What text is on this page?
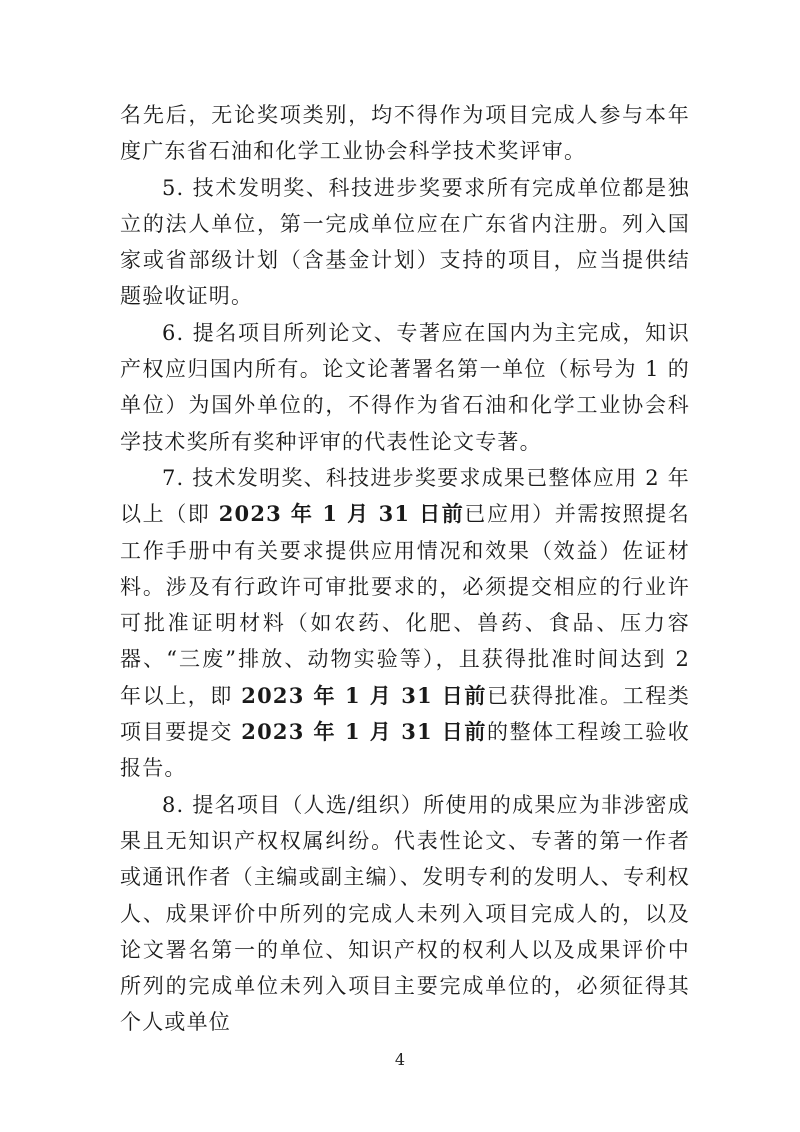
名先后，无论奖项类别，均不得作为项目完成人参与本年度广东省石油和化学工业协会科学技术奖评审。

5. 技术发明奖、科技进步奖要求所有完成单位都是独立的法人单位，第一完成单位应在广东省内注册。列入国家或省部级计划（含基金计划）支持的项目，应当提供结题验收证明。

6. 提名项目所列论文、专著应在国内为主完成，知识产权应归国内所有。论文论著署名第一单位（标号为 1 的单位）为国外单位的，不得作为省石油和化学工业协会科学技术奖所有奖种评审的代表性论文专著。

7. 技术发明奖、科技进步奖要求成果已整体应用 2 年以上（即 2023 年 1 月 31 日前已应用）并需按照提名工作手册中有关要求提供应用情况和效果（效益）佐证材料。涉及有行政许可审批要求的，必须提交相应的行业许可批准证明材料（如农药、化肥、兽药、食品、压力容器、“三废”排放、动物实验等），且获得批准时间达到 2 年以上，即 2023 年 1 月 31 日前已获得批准。工程类项目要提交 2023 年 1 月 31 日前的整体工程竣工验收报告。

8. 提名项目（人选/组织）所使用的成果应为非涉密成果且无知识产权权属纠纷。代表性论文、专著的第一作者或通讯作者（主编或副主编）、发明专利的发明人、专利权人、成果评价中所列的完成人未列入项目完成人的，以及论文署名第一的单位、知识产权的权利人以及成果评价中所列的完成单位未列入项目主要完成单位的，必须征得其个人或单位

4
